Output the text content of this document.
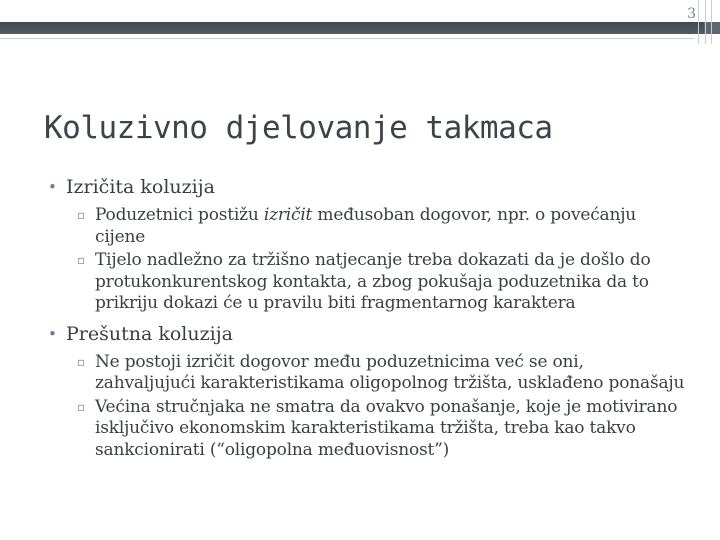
3
Koluzivno djelovanje takmaca
• Izričita koluzija
▫ Poduzetnici postižu izričit međusoban dogovor, npr. o povećanju cijene
▫ Tijelo nadležno za tržišno natjecanje treba dokazati da je došlo do protukonkurentskog kontakta, a zbog pokušaja poduzetnika da to prikriju dokazi će u pravilu biti fragmentarnog karaktera
• Prešutna koluzija
▫ Ne postoji izričit dogovor među poduzetnicima već se oni, zahvaljujući karakteristikama oligopolnog tržišta, usklađeno ponašaju
▫ Većina stručnjaka ne smatra da ovakvo ponašanje, koje je motivirano isključivo ekonomskim karakteristikama tržišta, treba kao takvo sankcionirati (“oligopolna međuovisnost”)
